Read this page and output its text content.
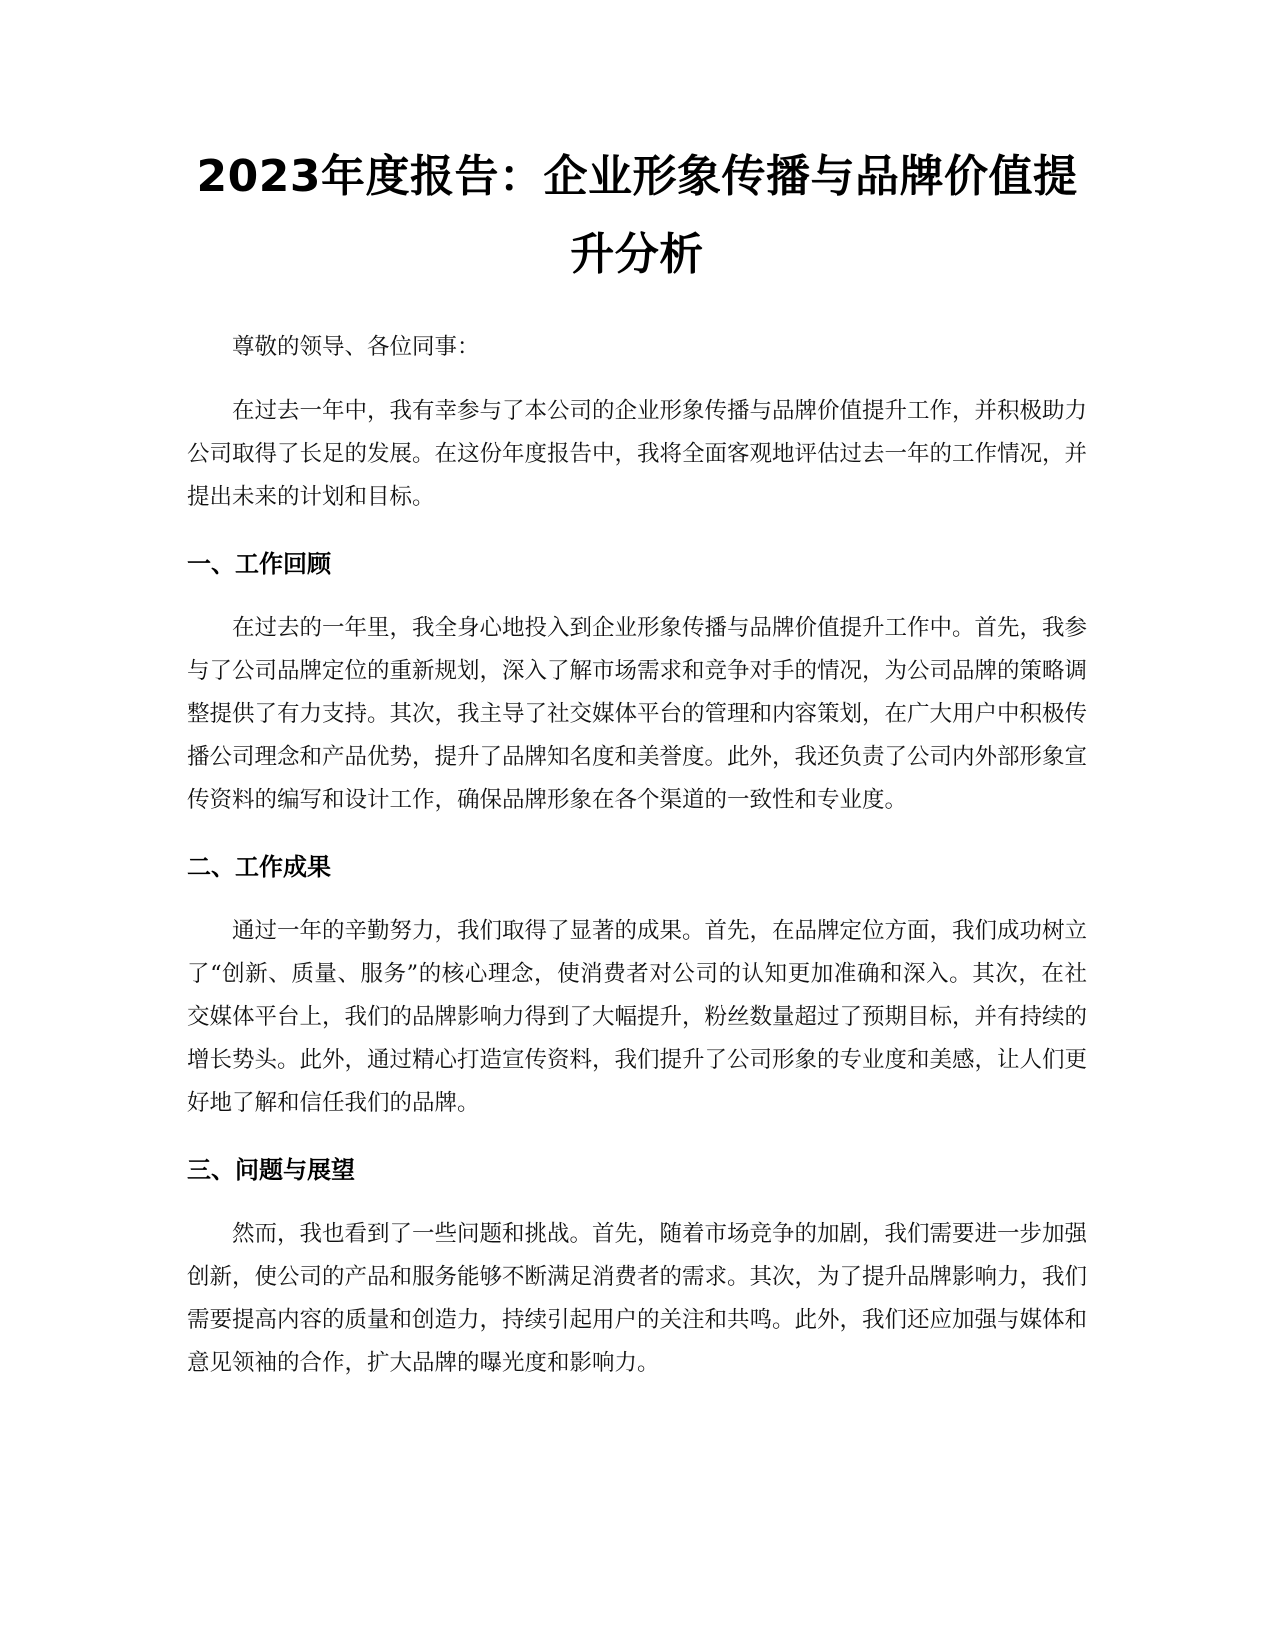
2023年度报告：企业形象传播与品牌价值提升分析

尊敬的领导、各位同事：

在过去一年中，我有幸参与了本公司的企业形象传播与品牌价值提升工作，并积极助力公司取得了长足的发展。在这份年度报告中，我将全面客观地评估过去一年的工作情况，并提出未来的计划和目标。

一、工作回顾

在过去的一年里，我全身心地投入到企业形象传播与品牌价值提升工作中。首先，我参与了公司品牌定位的重新规划，深入了解市场需求和竞争对手的情况，为公司品牌的策略调整提供了有力支持。其次，我主导了社交媒体平台的管理和内容策划，在广大用户中积极传播公司理念和产品优势，提升了品牌知名度和美誉度。此外，我还负责了公司内外部形象宣传资料的编写和设计工作，确保品牌形象在各个渠道的一致性和专业度。

二、工作成果

通过一年的辛勤努力，我们取得了显著的成果。首先，在品牌定位方面，我们成功树立了“创新、质量、服务”的核心理念，使消费者对公司的认知更加准确和深入。其次，在社交媒体平台上，我们的品牌影响力得到了大幅提升，粉丝数量超过了预期目标，并有持续的增长势头。此外，通过精心打造宣传资料，我们提升了公司形象的专业度和美感，让人们更好地了解和信任我们的品牌。

三、问题与展望

然而，我也看到了一些问题和挑战。首先，随着市场竞争的加剧，我们需要进一步加强创新，使公司的产品和服务能够不断满足消费者的需求。其次，为了提升品牌影响力，我们需要提高内容的质量和创造力，持续引起用户的关注和共鸣。此外，我们还应加强与媒体和意见领袖的合作，扩大品牌的曝光度和影响力。
